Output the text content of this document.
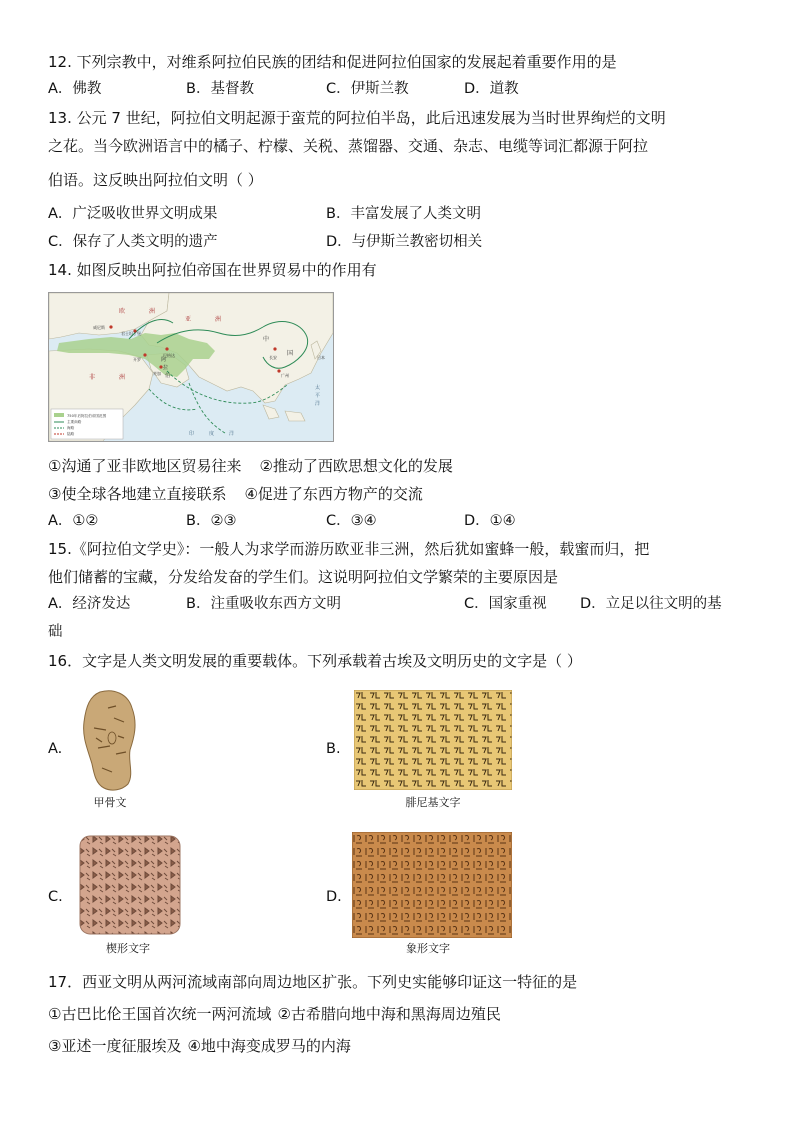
12. 下列宗教中，对维系阿拉伯民族的团结和促进阿拉伯国家的发展起着重要作用的是
A．佛教	B．基督教	C．伊斯兰教	D．道教
13. 公元 7 世纪，阿拉伯文明起源于蛮荒的阿拉伯半岛，此后迅速发展为当时世界绚烂的文明
之花。当今欧洲语言中的橘子、柠檬、关税、蒸馏器、交通、杂志、电缆等词汇都源于阿拉
伯语。这反映出阿拉伯文明（ ）
A．广泛吸收世界文明成果	B．丰富发展了人类文明
C．保存了人类文明的遗产	D．与伊斯兰教密切相关
14. 如图反映出阿拉伯帝国在世界贸易中的作用有
欧	洲
威尼斯
君士坦丁堡
亚	洲
巴格达
开罗
麦加
阿
拉
伯
非	洲
中
国
长安
广州
印	度	洋
日本
太
平
洋
750年后阿拉伯帝国范围
主要商路
海路
陆路
①沟通了亚非欧地区贸易往来 ②推动了西欧思想文化的发展
③使全球各地建立直接联系 ④促进了东西方物产的交流
A．①②	B．②③	C．③④	D．①④
15.《阿拉伯文学史》：一般人为求学而游历欧亚非三洲，然后犹如蜜蜂一般，载蜜而归，把
他们储蓄的宝藏，分发给发奋的学生们。这说明阿拉伯文学繁荣的主要原因是
A．经济发达	B．注重吸收东西方文明	C．国家重视 D．立足以往文明的基
础
16．文字是人类文明发展的重要载体。下列承载着古埃及文明历史的文字是（ ）
A.
甲骨文
B.
腓尼基文字
C.
楔形文字
D.
象形文字
17．西亚文明从两河流域南部向周边地区扩张。下列史实能够印证这一特征的是
①古巴比伦王国首次统一两河流域 ②古希腊向地中海和黑海周边殖民
③亚述一度征服埃及 ④地中海变成罗马的内海
